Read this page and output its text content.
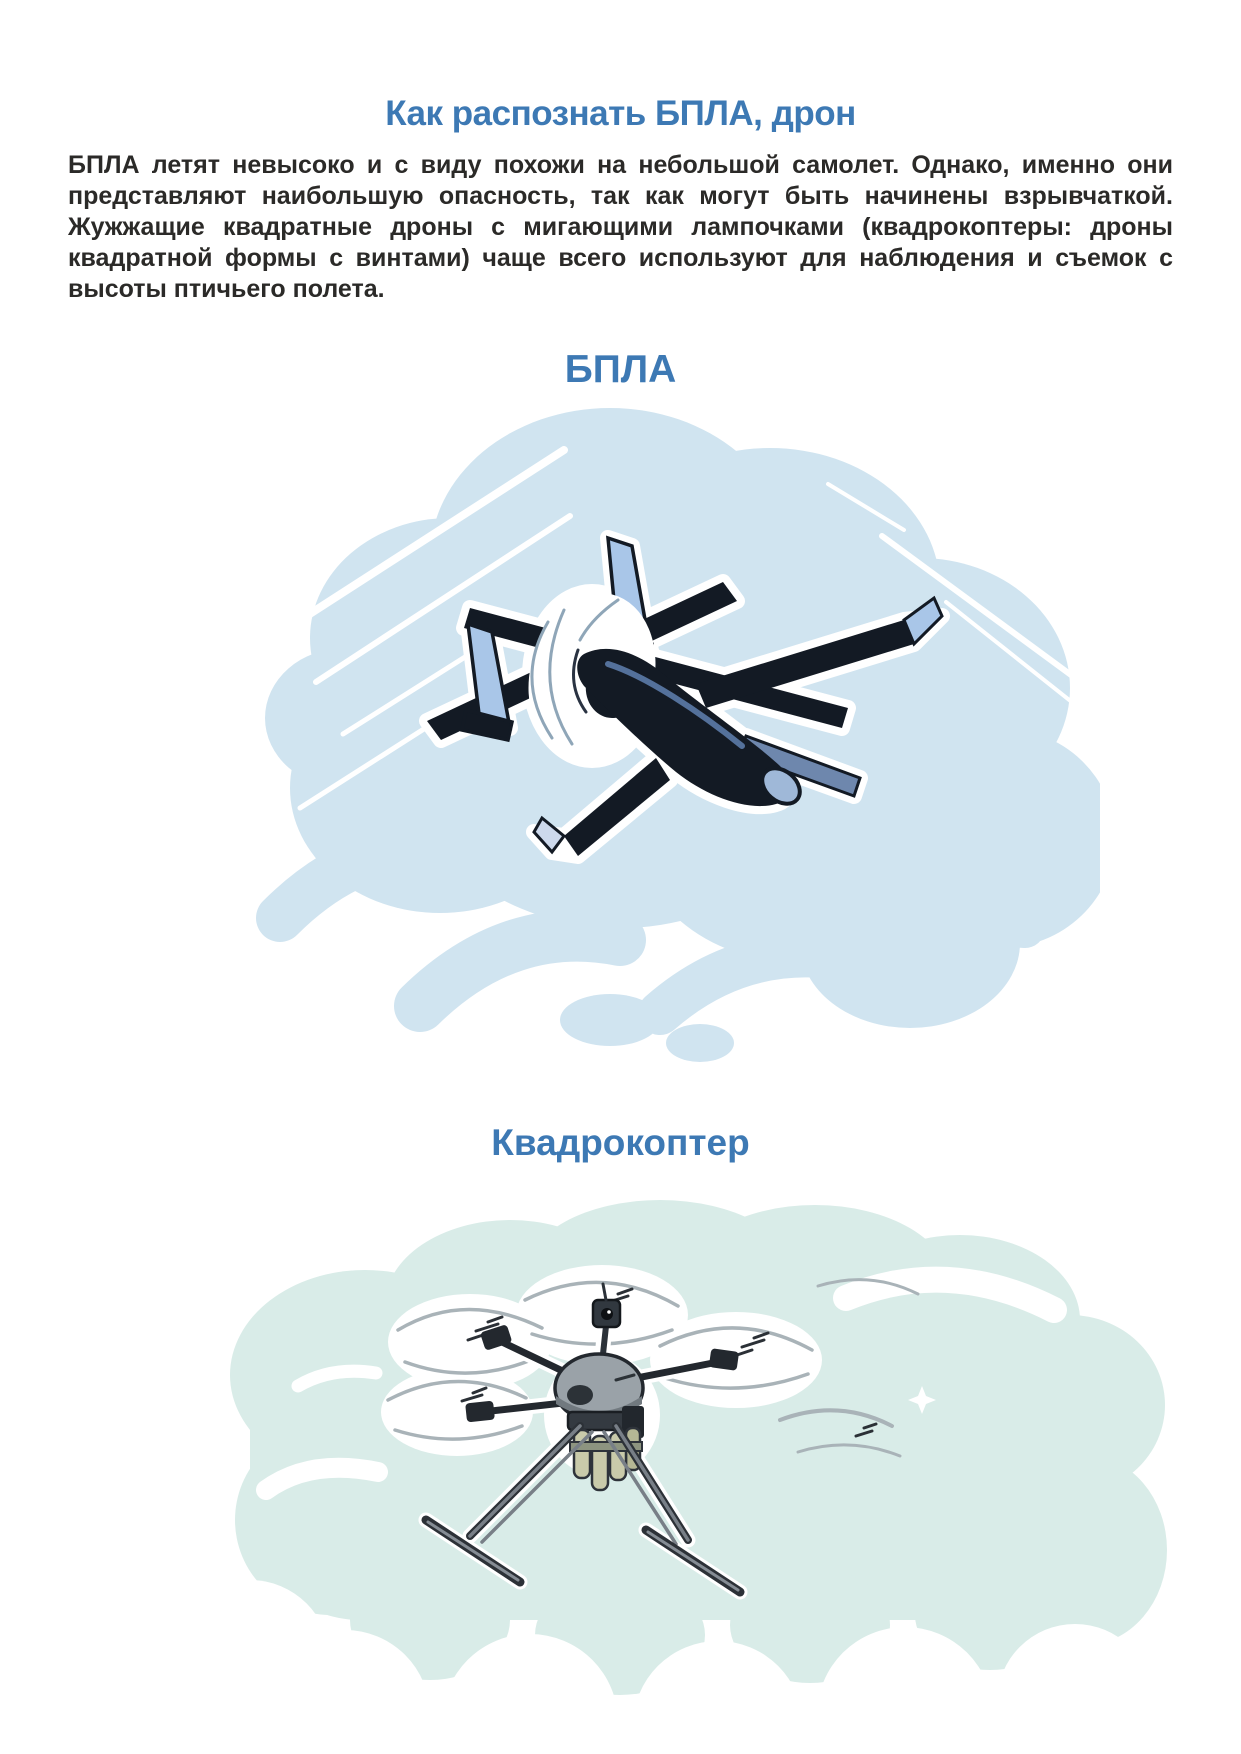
Как распознать БПЛА, дрон
БПЛА летят невысоко и с виду похожи на небольшой самолет. Однако, именно они
представляют наибольшую опасность, так как могут быть начинены взрывчаткой.
Жужжащие квадратные дроны с мигающими лампочками (квадрокоптеры: дроны
квадратной формы с винтами) чаще всего используют для наблюдения и съемок с
высоты птичьего полета.
БПЛА
Квадрокоптер
